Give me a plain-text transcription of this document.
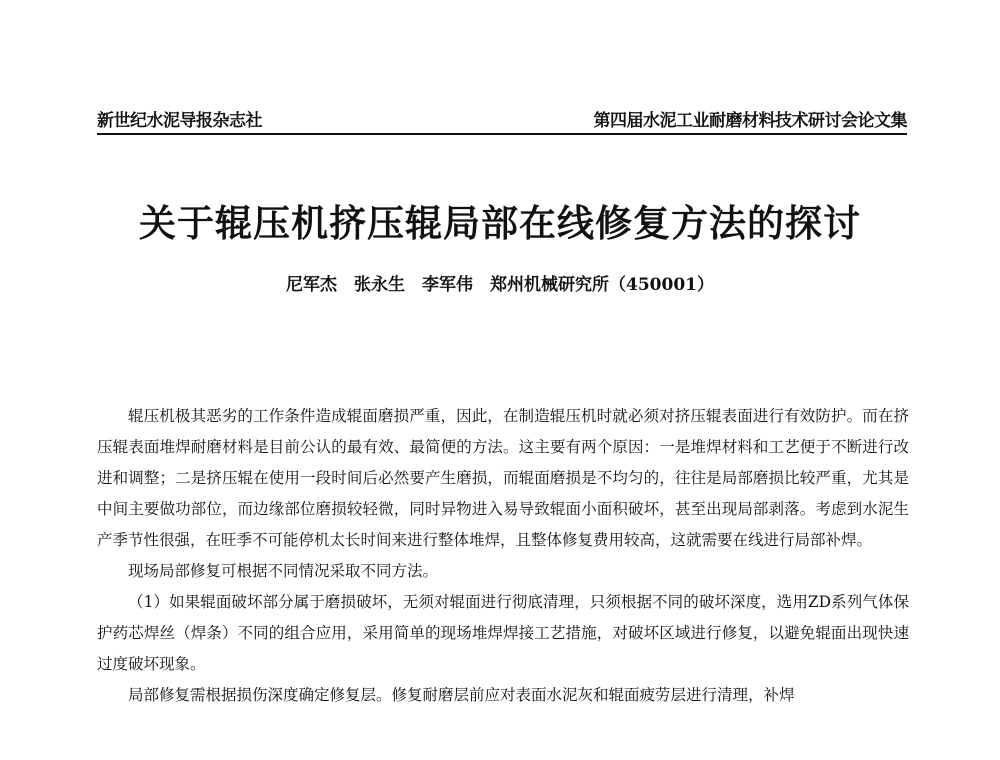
新世纪水泥导报杂志社	第四届水泥工业耐磨材料技术研讨会论文集
关于辊压机挤压辊局部在线修复方法的探讨
尼军杰　张永生　李军伟　郑州机械研究所（450001）

辊压机极其恶劣的工作条件造成辊面磨损严重，因此，在制造辊压机时就必须对挤压辊表面进行有效防护。而在挤压辊表面堆焊耐磨材料是目前公认的最有效、最简便的方法。这主要有两个原因：一是堆焊材料和工艺便于不断进行改进和调整；二是挤压辊在使用一段时间后必然要产生磨损，而辊面磨损是不均匀的，往往是局部磨损比较严重，尤其是中间主要做功部位，而边缘部位磨损较轻微，同时异物进入易导致辊面小面积破坏，甚至出现局部剥落。考虑到水泥生产季节性很强，在旺季不可能停机太长时间来进行整体堆焊，且整体修复费用较高，这就需要在线进行局部补焊。

现场局部修复可根据不同情况采取不同方法。

（1）如果辊面破坏部分属于磨损破坏，无须对辊面进行彻底清理，只须根据不同的破坏深度，选用ZD系列气体保护药芯焊丝（焊条）不同的组合应用，采用简单的现场堆焊焊接工艺措施，对破坏区域进行修复，以避免辊面出现快速过度破坏现象。

局部修复需根据损伤深度确定修复层。修复耐磨层前应对表面水泥灰和辊面疲劳层进行清理，补焊
